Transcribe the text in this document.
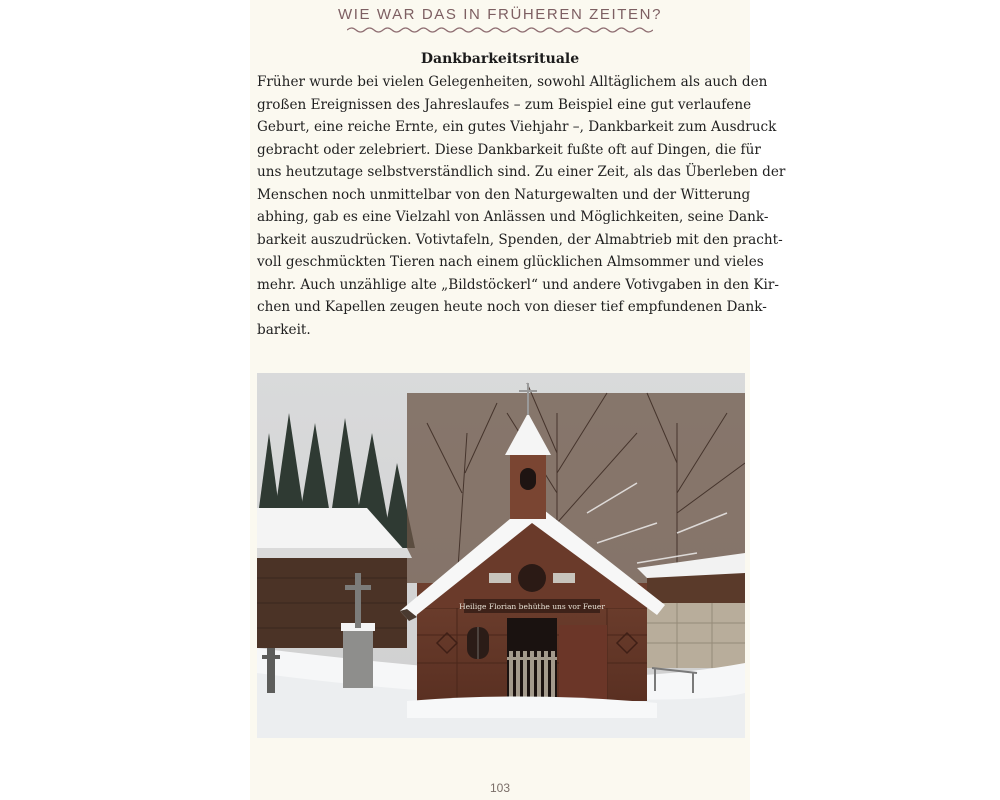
WIE WAR DAS IN FRÜHEREN ZEITEN?
Dankbarkeitsrituale
Früher wurde bei vielen Gelegenheiten, sowohl Alltäglichem als auch den
großen Ereignissen des Jahreslaufes – zum Beispiel eine gut verlaufene
Geburt, eine reiche Ernte, ein gutes Viehjahr –, Dankbarkeit zum Ausdruck
gebracht oder zelebriert. Diese Dankbarkeit fußte oft auf Dingen, die für
uns heutzutage selbstverständlich sind. Zu einer Zeit, als das Überleben der
Menschen noch unmittelbar von den Naturgewalten und der Witterung
abhing, gab es eine Vielzahl von Anlässen und Möglichkeiten, seine Dank-
barkeit auszudrücken. Votivtafeln, Spenden, der Almabtrieb mit den pracht-
voll geschmückten Tieren nach einem glücklichen Almsommer und vieles
mehr. Auch unzählige alte „Bildstöckerl“ und andere Votivgaben in den Kir-
chen und Kapellen zeugen heute noch von dieser tief empfundenen Dank-
barkeit.
Heilige Florian behüthe uns vor Feuer
103
